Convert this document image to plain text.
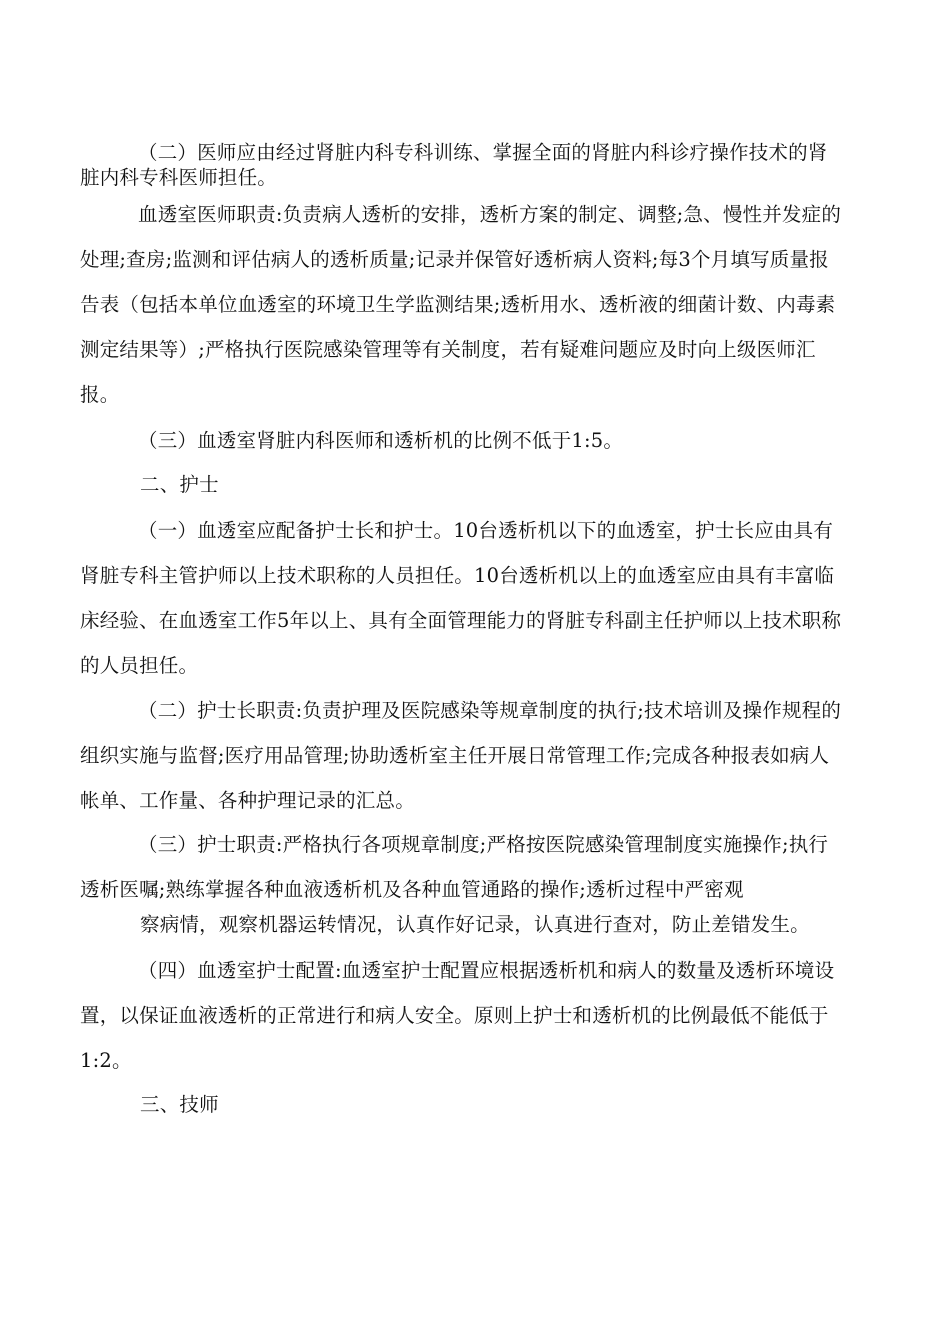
（二）医师应由经过肾脏内科专科训练、掌握全面的肾脏内科诊疗操作技术的肾脏内科专科医师担任。

血透室医师职责:负责病人透析的安排，透析方案的制定、调整;急、慢性并发症的处理;查房;监测和评估病人的透析质量;记录并保管好透析病人资料;每3个月填写质量报告表（包括本单位血透室的环境卫生学监测结果;透析用水、透析液的细菌计数、内毒素测定结果等）;严格执行医院感染管理等有关制度，若有疑难问题应及时向上级医师汇报。

（三）血透室肾脏内科医师和透析机的比例不低于1:5。

二、护士

（一）血透室应配备护士长和护士。10台透析机以下的血透室，护士长应由具有肾脏专科主管护师以上技术职称的人员担任。10台透析机以上的血透室应由具有丰富临床经验、在血透室工作5年以上、具有全面管理能力的肾脏专科副主任护师以上技术职称的人员担任。

（二）护士长职责:负责护理及医院感染等规章制度的执行;技术培训及操作规程的组织实施与监督;医疗用品管理;协助透析室主任开展日常管理工作;完成各种报表如病人帐单、工作量、各种护理记录的汇总。

（三）护士职责:严格执行各项规章制度;严格按医院感染管理制度实施操作;执行透析医嘱;熟练掌握各种血液透析机及各种血管通路的操作;透析过程中严密观

察病情，观察机器运转情况，认真作好记录，认真进行查对，防止差错发生。

（四）血透室护士配置:血透室护士配置应根据透析机和病人的数量及透析环境设置，以保证血液透析的正常进行和病人安全。原则上护士和透析机的比例最低不能低于1:2。

三、技师
